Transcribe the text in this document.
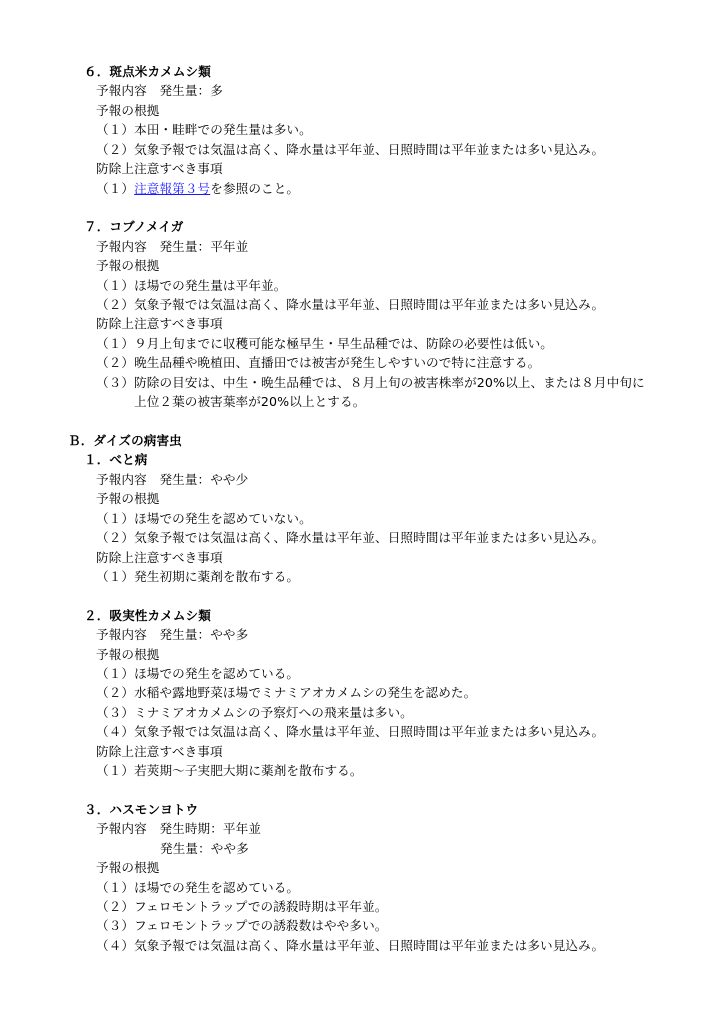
６．斑点米カメムシ類
予報内容　発生量：多
予報の根拠
（１）本田・畦畔での発生量は多い。
（２）気象予報では気温は高く、降水量は平年並、日照時間は平年並または多い見込み。
防除上注意すべき事項
（１）注意報第３号を参照のこと。
７．コブノメイガ
予報内容　発生量：平年並
予報の根拠
（１）ほ場での発生量は平年並。
（２）気象予報では気温は高く、降水量は平年並、日照時間は平年並または多い見込み。
防除上注意すべき事項
（１）９月上旬までに収穫可能な極早生・早生品種では、防除の必要性は低い。
（２）晩生品種や晩植田、直播田では被害が発生しやすいので特に注意する。
（３）防除の目安は、中生・晩生品種では、８月上旬の被害株率が20%以上、または８月中旬に
上位２葉の被害葉率が20%以上とする。
Ｂ．ダイズの病害虫
１．べと病
予報内容　発生量：やや少
予報の根拠
（１）ほ場での発生を認めていない。
（２）気象予報では気温は高く、降水量は平年並、日照時間は平年並または多い見込み。
防除上注意すべき事項
（１）発生初期に薬剤を散布する。
２．吸実性カメムシ類
予報内容　発生量：やや多
予報の根拠
（１）ほ場での発生を認めている。
（２）水稲や露地野菜ほ場でミナミアオカメムシの発生を認めた。
（３）ミナミアオカメムシの予察灯への飛来量は多い。
（４）気象予報では気温は高く、降水量は平年並、日照時間は平年並または多い見込み。
防除上注意すべき事項
（１）若莢期～子実肥大期に薬剤を散布する。
３．ハスモンヨトウ
予報内容　発生時期：平年並
発生量：やや多
予報の根拠
（１）ほ場での発生を認めている。
（２）フェロモントラップでの誘殺時期は平年並。
（３）フェロモントラップでの誘殺数はやや多い。
（４）気象予報では気温は高く、降水量は平年並、日照時間は平年並または多い見込み。
